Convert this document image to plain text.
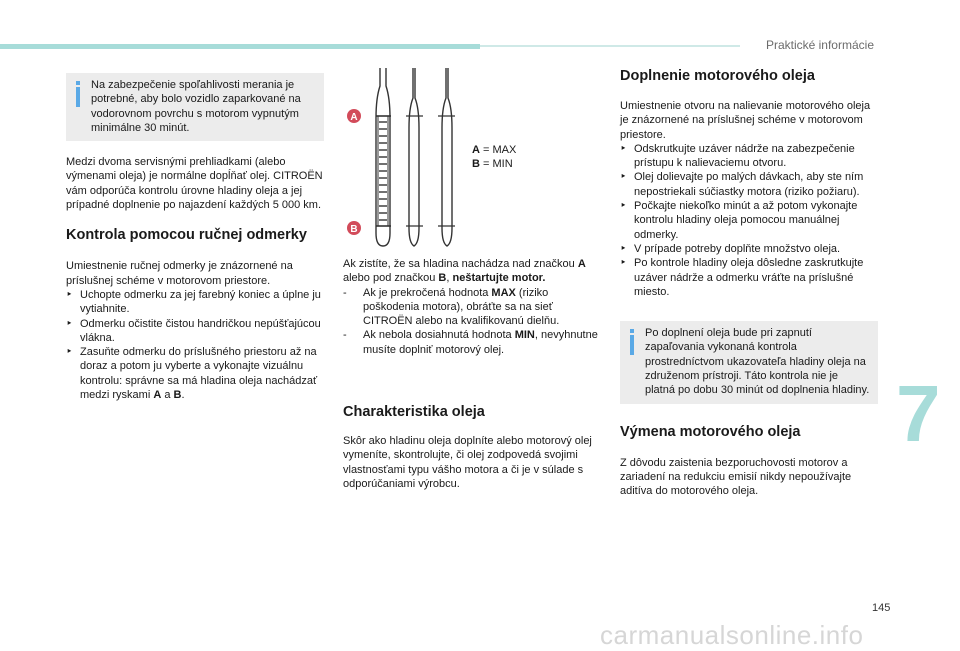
Praktické informácie

Na zabezpečenie spoľahlivosti merania je potrebné, aby bolo vozidlo zaparkované na vodorovnom povrchu s motorom vypnutým minimálne 30 minút.

Medzi dvoma servisnými prehliadkami (alebo výmenami oleja) je normálne dopĺňať olej. CITROËN vám odporúča kontrolu úrovne hladiny oleja a jej prípadné doplnenie po najazdení každých 5 000 km.

Kontrola pomocou ručnej odmerky

Umiestnenie ručnej odmerky je znázornené na príslušnej schéme v motorovom priestore.

‣ Uchopte odmerku za jej farebný koniec a úplne ju vytiahnite.
‣ Odmerku očistite čistou handričkou nepúšťajúcou vlákna.
‣ Zasuňte odmerku do príslušného priestoru až na doraz a potom ju vyberte a vykonajte vizuálnu kontrolu: správne sa má hladina oleja nachádzať medzi ryskami A a B.
A
B
A = MAX
B = MIN

Ak zistíte, že sa hladina nachádza nad značkou A alebo pod značkou B, neštartujte motor.

- Ak je prekročená hodnota MAX (riziko poškodenia motora), obráťte sa na sieť CITROËN alebo na kvalifikovanú dielňu.
- Ak nebola dosiahnutá hodnota MIN, nevyhnutne musíte doplniť motorový olej.
Charakteristika oleja

Skôr ako hladinu oleja doplníte alebo motorový olej vymeníte, skontrolujte, či olej zodpovedá svojimi vlastnosťami typu vášho motora a či je v súlade s odporúčaniami výrobcu.

Doplnenie motorového oleja

Umiestnenie otvoru na nalievanie motorového oleja je znázornené na príslušnej schéme v motorovom priestore.

‣ Odskrutkujte uzáver nádrže na zabezpečenie prístupu k nalievaciemu otvoru.
‣ Olej dolievajte po malých dávkach, aby ste ním nepostriekali súčiastky motora (riziko požiaru).
‣ Počkajte niekoľko minút a až potom vykonajte kontrolu hladiny oleja pomocou manuálnej odmerky.
‣ V prípade potreby doplňte množstvo oleja.
‣ Po kontrole hladiny oleja dôsledne zaskrutkujte uzáver nádrže a odmerku vráťte na príslušné miesto.

Po doplnení oleja bude pri zapnutí zapaľovania vykonaná kontrola prostredníctvom ukazovateľa hladiny oleja na združenom prístroji. Táto kontrola nie je platná po dobu 30 minút od doplnenia hladiny.

Výmena motorového oleja

Z dôvodu zaistenia bezporuchovosti motorov a zariadení na redukciu emisií nikdy nepoužívajte aditíva do motorového oleja.

7
145
carmanualsonline.info
